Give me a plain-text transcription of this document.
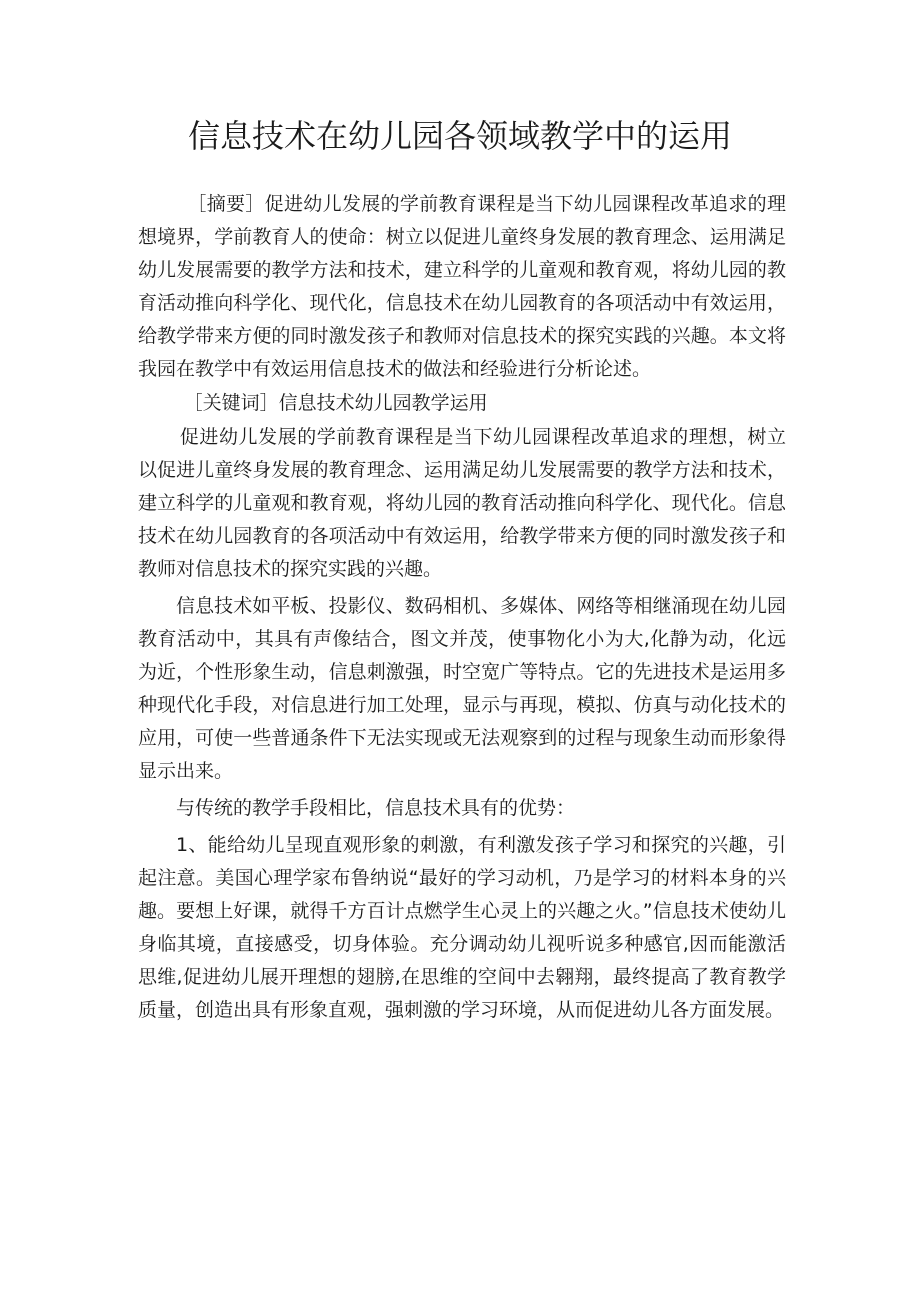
信息技术在幼儿园各领域教学中的运用

［摘要］促进幼儿发展的学前教育课程是当下幼儿园课程改革追求的理想境界，学前教育人的使命：树立以促进儿童终身发展的教育理念、运用满足幼儿发展需要的教学方法和技术，建立科学的儿童观和教育观，将幼儿园的教育活动推向科学化、现代化，信息技术在幼儿园教育的各项活动中有效运用，给教学带来方便的同时激发孩子和教师对信息技术的探究实践的兴趣。本文将我园在教学中有效运用信息技术的做法和经验进行分析论述。

［关键词］信息技术幼儿园教学运用

促进幼儿发展的学前教育课程是当下幼儿园课程改革追求的理想，树立以促进儿童终身发展的教育理念、运用满足幼儿发展需要的教学方法和技术，建立科学的儿童观和教育观，将幼儿园的教育活动推向科学化、现代化。信息技术在幼儿园教育的各项活动中有效运用，给教学带来方便的同时激发孩子和教师对信息技术的探究实践的兴趣。

信息技术如平板、投影仪、数码相机、多媒体、网络等相继涌现在幼儿园教育活动中，其具有声像结合，图文并茂，使事物化小为大,化静为动，化远为近，个性形象生动，信息刺激强，时空宽广等特点。它的先进技术是运用多种现代化手段，对信息进行加工处理，显示与再现，模拟、仿真与动化技术的应用，可使一些普通条件下无法实现或无法观察到的过程与现象生动而形象得显示出来。

与传统的教学手段相比，信息技术具有的优势：

1、能给幼儿呈现直观形象的刺激，有利激发孩子学习和探究的兴趣，引起注意。美国心理学家布鲁纳说“最好的学习动机，乃是学习的材料本身的兴趣。要想上好课，就得千方百计点燃学生心灵上的兴趣之火。”信息技术使幼儿身临其境，直接感受，切身体验。充分调动幼儿视听说多种感官,因而能激活思维,促进幼儿展开理想的翅膀,在思维的空间中去翱翔，最终提高了教育教学质量，创造出具有形象直观，强刺激的学习环境，从而促进幼儿各方面发展。
